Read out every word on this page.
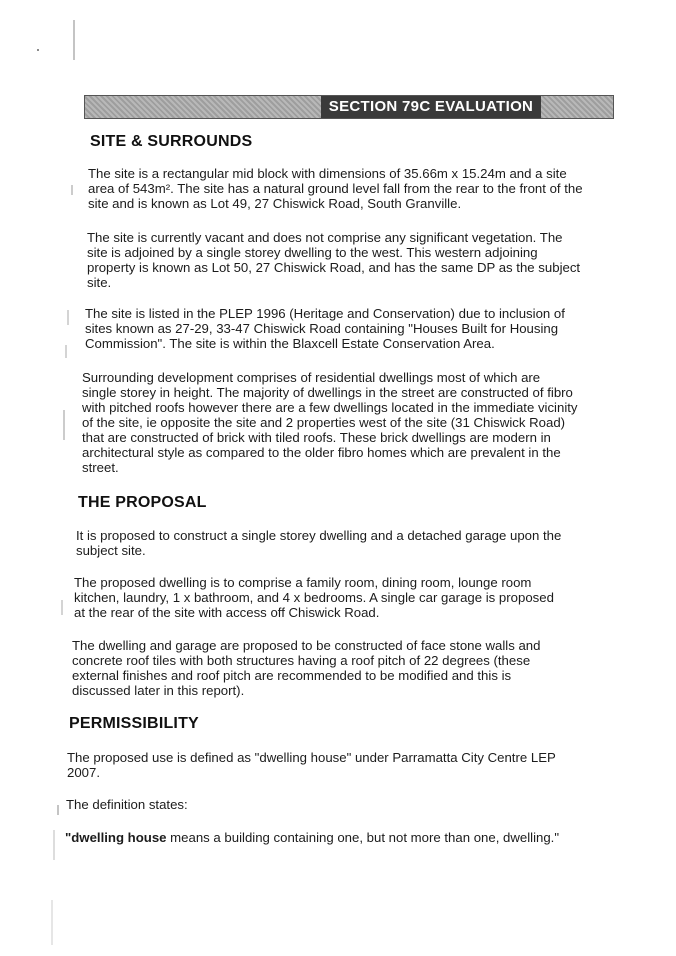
SECTION 79C EVALUATION
SITE & SURROUNDS
The site is a rectangular mid block with dimensions of 35.66m x 15.24m and a site
area of 543m². The site has a natural ground level fall from the rear to the front of the
site and is known as Lot 49, 27 Chiswick Road, South Granville.
The site is currently vacant and does not comprise any significant vegetation. The
site is adjoined by a single storey dwelling to the west. This western adjoining
property is known as Lot 50, 27 Chiswick Road, and has the same DP as the subject
site.
The site is listed in the PLEP 1996 (Heritage and Conservation) due to inclusion of
sites known as 27-29, 33-47 Chiswick Road containing "Houses Built for Housing
Commission". The site is within the Blaxcell Estate Conservation Area.
Surrounding development comprises of residential dwellings most of which are
single storey in height. The majority of dwellings in the street are constructed of fibro
with pitched roofs however there are a few dwellings located in the immediate vicinity
of the site, ie opposite the site and 2 properties west of the site (31 Chiswick Road)
that are constructed of brick with tiled roofs. These brick dwellings are modern in
architectural style as compared to the older fibro homes which are prevalent in the
street.
THE PROPOSAL
It is proposed to construct a single storey dwelling and a detached garage upon the
subject site.
The proposed dwelling is to comprise a family room, dining room, lounge room
kitchen, laundry, 1 x bathroom, and 4 x bedrooms. A single car garage is proposed
at the rear of the site with access off Chiswick Road.
The dwelling and garage are proposed to be constructed of face stone walls and
concrete roof tiles with both structures having a roof pitch of 22 degrees (these
external finishes and roof pitch are recommended to be modified and this is
discussed later in this report).
PERMISSIBILITY
The proposed use is defined as "dwelling house" under Parramatta City Centre LEP
2007.
The definition states:
"dwelling house means a building containing one, but not more than one, dwelling."
